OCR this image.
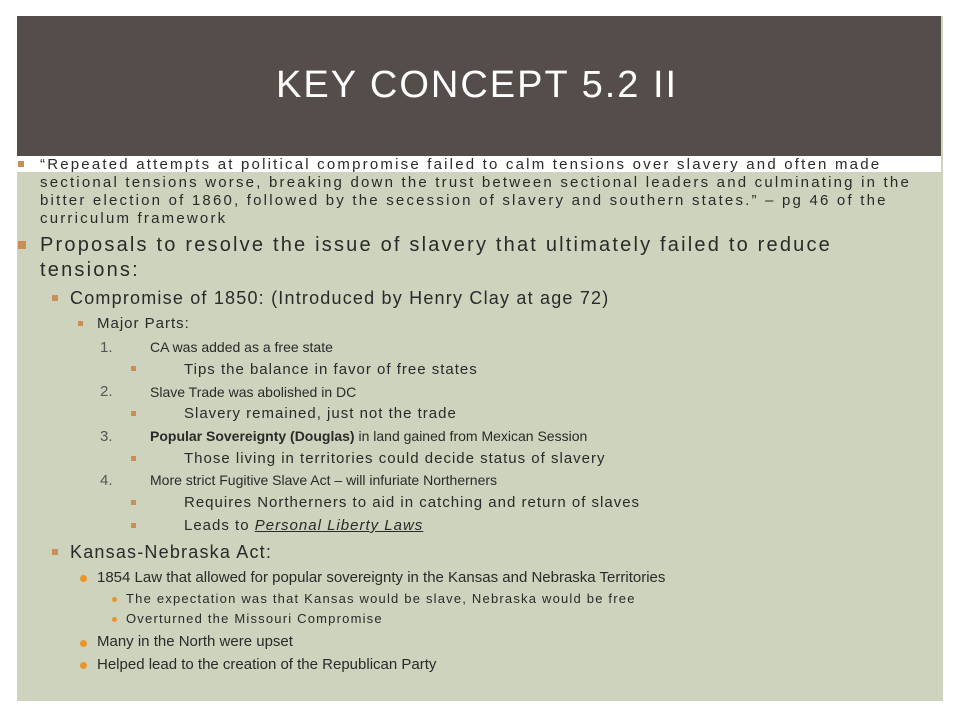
KEY CONCEPT 5.2 II
“Repeated attempts at political compromise failed to calm tensions over slavery and often made sectional tensions worse, breaking down the trust between sectional leaders and culminating in the bitter election of 1860, followed by the secession of slavery and southern states.” – pg 46 of the curriculum framework
Proposals to resolve the issue of slavery that ultimately failed to reduce tensions:
Compromise of 1850: (Introduced by Henry Clay at age 72)
Major Parts:
1.	CA was added as a free state
Tips the balance in favor of free states
2.	Slave Trade was abolished in DC
Slavery remained, just not the trade
3.	Popular Sovereignty (Douglas) in land gained from Mexican Session
Those living in territories could decide status of slavery
4.	More strict Fugitive Slave Act – will infuriate Northerners
Requires Northerners to aid in catching and return of slaves
Leads to Personal Liberty Laws
Kansas-Nebraska Act:
1854 Law that allowed for popular sovereignty in the Kansas and Nebraska Territories
The expectation was that Kansas would be slave, Nebraska would be free
Overturned the Missouri Compromise
Many in the North were upset
Helped lead to the creation of the Republican Party
